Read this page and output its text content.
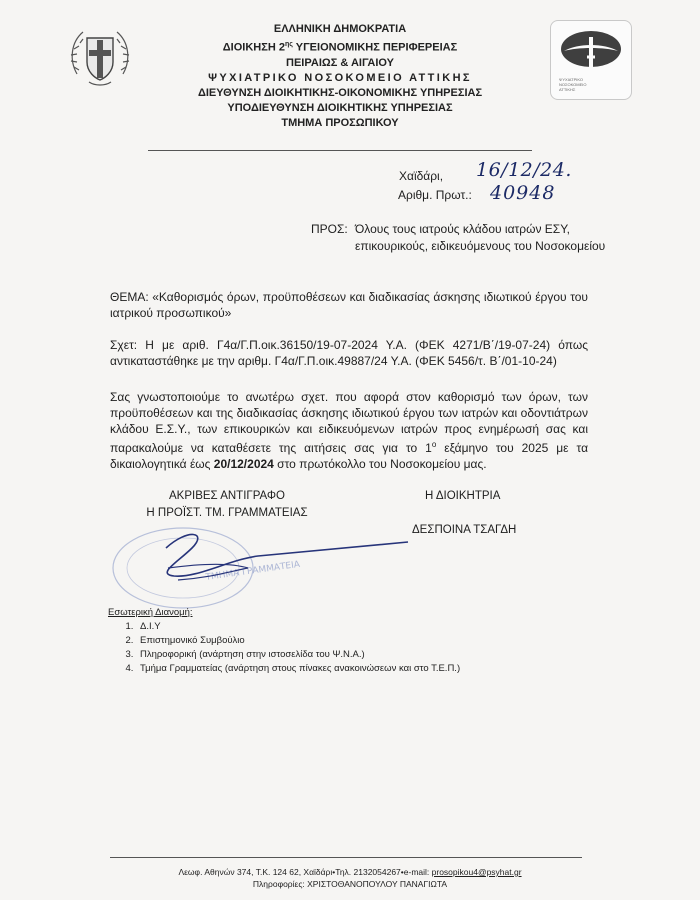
ΨΥΧΙΑΤΡΙΚΟ
ΝΟΣΟΚΟΜΕΙΟ
ΑΤΤΙΚΗΣ
ΕΛΛΗΝΙΚΗ ΔΗΜΟΚΡΑΤΙΑ
ΔΙΟΙΚΗΣΗ $2^{\eta\varsigma}$ ΥΓΕΙΟΝΟΜΙΚΗΣ ΠΕΡΙΦΕΡΕΙΑΣ
ΠΕΙΡΑΙΩΣ & ΑΙΓΑΙΟΥ
ΨΥΧΙΑΤΡΙΚΟ ΝΟΣΟΚΟΜΕΙΟ ΑΤΤΙΚΗΣ
ΔΙΕΥΘΥΝΣΗ ΔΙΟΙΚΗΤΙΚΗΣ-ΟΙΚΟΝΟΜΙΚΗΣ ΥΠΗΡΕΣΙΑΣ
ΥΠΟΔΙΕΥΘΥΝΣΗ ΔΙΟΙΚΗΤΙΚΗΣ ΥΠΗΡΕΣΙΑΣ
ΤΜΗΜΑ ΠΡΟΣΩΠΙΚΟΥ
Χαϊδάρι, 16/12/24.
Αριθμ. Πρωτ.: 40948
ΠΡΟΣ: Όλους τους ιατρούς κλάδου ιατρών ΕΣΥ, επικουρικούς, ειδικευόμενους του Νοσοκομείου
ΘΕΜΑ: «Καθορισμός όρων, προϋποθέσεων και διαδικασίας άσκησης ιδιωτικού έργου του ιατρικού προσωπικού»
Σχετ: Η με αριθ. Γ4α/Γ.Π.οικ.36150/19-07-2024 Υ.Α. (ΦΕΚ 4271/Β΄/19-07-24) όπως αντικαταστάθηκε με την αριθμ. Γ4α/Γ.Π.οικ.49887/24 Υ.Α. (ΦΕΚ 5456/τ. Β΄/01-10-24)
Σας γνωστοποιούμε το ανωτέρω σχετ. που αφορά στον καθορισμό των όρων, των προϋποθέσεων και της διαδικασίας άσκησης ιδιωτικού έργου των ιατρών και οδοντιάτρων κλάδου Ε.Σ.Υ., των επικουρικών και ειδικευόμενων ιατρών προς ενημέρωσή σας και παρακαλούμε να καταθέσετε της αιτήσεις σας για το $1^o$ εξάμηνο του 2025 με τα δικαιολογητικά έως 20/12/2024 στο πρωτόκολλο του Νοσοκομείου μας.
ΑΚΡΙΒΕΣ ΑΝΤΙΓΡΑΦΟ
Η ΠΡΟΪΣΤ. ΤΜ. ΓΡΑΜΜΑΤΕΙΑΣ
Η ΔΙΟΙΚΗΤΡΙΑ
ΔΕΣΠΟΙΝΑ ΤΣΑΓΔΗ
ΤΜΗΜΑ ΓΡΑΜΜΑΤΕΙΑ
Εσωτερική Διανομή:
1. Δ.Ι.Υ
2. Επιστημονικό Συμβούλιο
3. Πληροφορική (ανάρτηση στην ιστοσελίδα του Ψ.Ν.Α.)
4. Τμήμα Γραμματείας (ανάρτηση στους πίνακες ανακοινώσεων και στο Τ.Ε.Π.)
Λεωφ. Αθηνών 374, Τ.Κ. 124 62, Χαϊδάρι•Τηλ. 2132054267•e-mail: prosopikou4@psyhat.gr
Πληροφορίες: ΧΡΙΣΤΟΘΑΝΟΠΟΥΛΟΥ ΠΑΝΑΓΙΩΤΑ
